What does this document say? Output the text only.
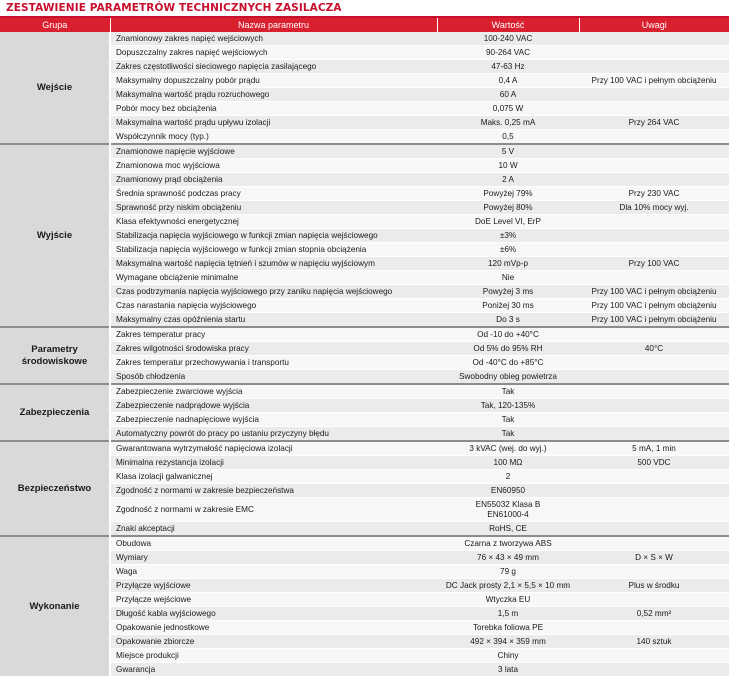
ZESTAWIENIE PARAMETRÓW TECHNICZNYCH ZASILACZA
Grupa	Nazwa parametru	Wartość	Uwagi
Wejście	Znamionowy zakres napięć wejściowych	100-240 VAC	
	Dopuszczalny zakres napięć wejściowych	90-264 VAC	
	Zakres częstotliwości sieciowego napięcia zasilającego	47-63 Hz	
	Maksymalny dopuszczalny pobór prądu	0,4 A	Przy 100 VAC i pełnym obciążeniu
	Maksymalna wartość prądu rozruchowego	60 A	
	Pobór mocy bez obciążenia	0,075 W	
	Maksymalna wartość prądu upływu izolacji	Maks. 0,25 mA	Przy 264 VAC
	Współczynnik mocy (typ.)	0,5	
Wyjście	Znamionowe napięcie wyjściowe	5 V	
	Znamionowa moc wyjściowa	10 W	
	Znamionowy prąd obciążenia	2 A	
	Średnia sprawność podczas pracy	Powyżej 79%	Przy 230 VAC
	Sprawność przy niskim obciążeniu	Powyżej 80%	Dla 10% mocy wyj.
	Klasa efektywności energetycznej	DoE Level VI, ErP	
	Stabilizacja napięcia wyjściowego w funkcji zmian napięcia wejściowego	±3%	
	Stabilizacja napięcia wyjściowego w funkcji zmian stopnia obciążenia	±6%	
	Maksymalna wartość napięcia tętnień i szumów w napięciu wyjściowym	120 mVp-p	Przy 100 VAC
	Wymagane obciążenie minimalne	Nie	
	Czas podtrzymania napięcia wyjściowego przy zaniku napięcia wejściowego	Powyżej 3 ms	Przy 100 VAC i pełnym obciążeniu
	Czas narastania napięcia wyjściowego	Poniżej 30 ms	Przy 100 VAC i pełnym obciążeniu
	Maksymalny czas opóźnienia startu	Do 3 s	Przy 100 VAC i pełnym obciążeniu
Parametry środowiskowe	Zakres temperatur pracy	Od -10 do +40°C	
	Zakres wilgotności środowiska pracy	Od 5% do 95% RH	40°C
	Zakres temperatur przechowywania i transportu	Od -40°C do +85°C	
	Sposób chłodzenia	Swobodny obieg powietrza	
Zabezpieczenia	Zabezpieczenie zwarciowe wyjścia	Tak	
	Zabezpieczenie nadprądowe wyjścia	Tak, 120-135%	
	Zabezpieczenie nadnapięciowe wyjścia	Tak	
	Automatyczny powrót do pracy po ustaniu przyczyny błędu	Tak	
Bezpieczeństwo	Gwarantowana wytrzymałość napięciowa izolacji	3 kVAC (wej. do wyj.)	5 mA, 1 min
	Minimalna rezystancja izolacji	100 MΩ	500 VDC
	Klasa izolacji galwanicznej	2	
	Zgodność z normami w zakresie bezpieczeństwa	EN60950	
	Zgodność z normami w zakresie EMC	EN55032 Klasa B
EN61000-4	
	Znaki akceptacji	RoHS, CE	
Wykonanie	Obudowa	Czarna z tworzywa ABS	
	Wymiary	76 × 43 × 49 mm	D × S × W
	Waga	79 g	
	Przyłącze wyjściowe	DC Jack prosty 2,1 × 5,5 × 10 mm	Plus w środku
	Przyłącze wejściowe	Wtyczka EU	
	Długość kabla wyjściowego	1,5 m	0,52 mm²
	Opakowanie jednostkowe	Torebka foliowa PE	
	Opakowanie zbiorcze	492 × 394 × 359 mm	140 sztuk
	Miejsce produkcji	Chiny	
	Gwarancja	3 lata	
